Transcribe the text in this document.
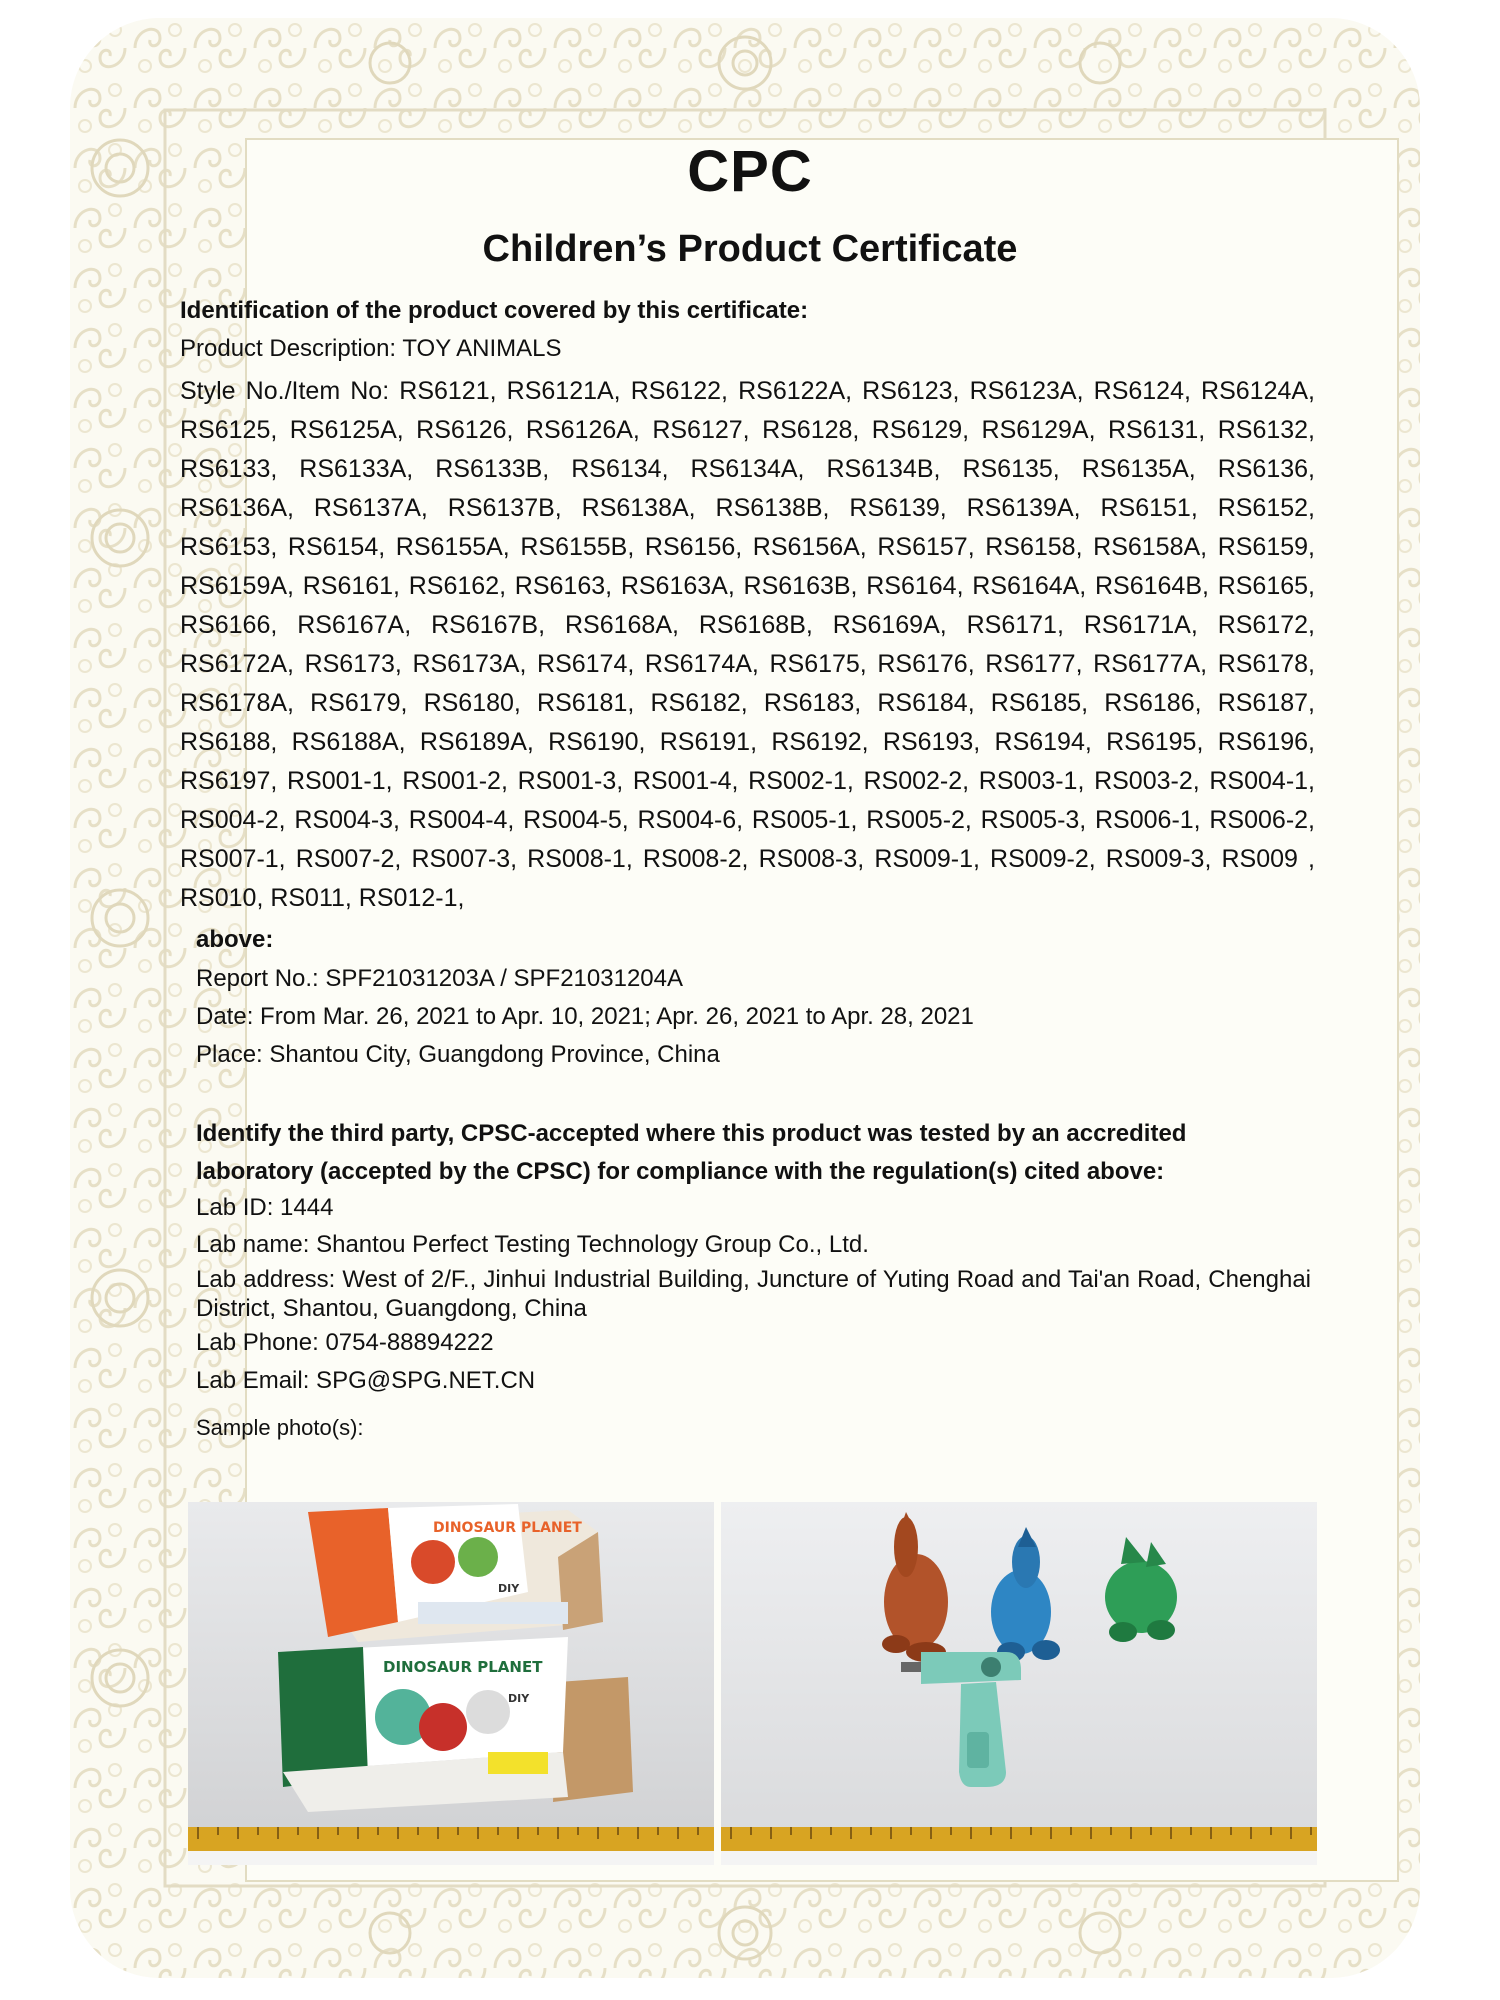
CPC
Children’s Product Certificate
Identification of the product covered by this certificate:
Product Description: TOY ANIMALS
Style No./Item No: RS6121, RS6121A, RS6122, RS6122A, RS6123, RS6123A, RS6124, RS6124A, RS6125, RS6125A, RS6126, RS6126A, RS6127, RS6128, RS6129, RS6129A, RS6131, RS6132, RS6133, RS6133A, RS6133B, RS6134, RS6134A, RS6134B, RS6135, RS6135A, RS6136, RS6136A, RS6137A, RS6137B, RS6138A, RS6138B, RS6139, RS6139A, RS6151, RS6152, RS6153, RS6154, RS6155A, RS6155B, RS6156, RS6156A, RS6157, RS6158, RS6158A, RS6159, RS6159A, RS6161, RS6162, RS6163, RS6163A, RS6163B, RS6164, RS6164A, RS6164B, RS6165, RS6166, RS6167A, RS6167B, RS6168A, RS6168B, RS6169A, RS6171, RS6171A, RS6172, RS6172A, RS6173, RS6173A, RS6174, RS6174A, RS6175, RS6176, RS6177, RS6177A, RS6178, RS6178A, RS6179, RS6180, RS6181, RS6182, RS6183, RS6184, RS6185, RS6186, RS6187, RS6188, RS6188A, RS6189A, RS6190, RS6191, RS6192, RS6193, RS6194, RS6195, RS6196, RS6197, RS001-1, RS001-2, RS001-3, RS001-4, RS002-1, RS002-2, RS003-1, RS003-2, RS004-1, RS004-2, RS004-3, RS004-4, RS004-5, RS004-6, RS005-1, RS005-2, RS005-3, RS006-1, RS006-2, RS007-1, RS007-2, RS007-3, RS008-1, RS008-2, RS008-3, RS009-1, RS009-2, RS009-3, RS009 , RS010, RS011, RS012-1,
above:
Report No.: SPF21031203A / SPF21031204A
Date: From Mar. 26, 2021 to Apr. 10, 2021; Apr. 26, 2021 to Apr. 28, 2021
Place: Shantou City, Guangdong Province, China
Identify the third party, CPSC-accepted where this product was tested by an accredited laboratory (accepted by the CPSC) for compliance with the regulation(s) cited above:
Lab ID: 1444
Lab name: Shantou Perfect Testing Technology Group Co., Ltd.
Lab address: West of 2/F., Jinhui Industrial Building, Juncture of Yuting Road and Tai'an Road, Chenghai District, Shantou, Guangdong, China
Lab Phone: 0754-88894222
Lab Email: SPG@SPG.NET.CN
Sample photo(s):
DINOSAUR PLANET
DIY
DINOSAUR PLANET
DIY
